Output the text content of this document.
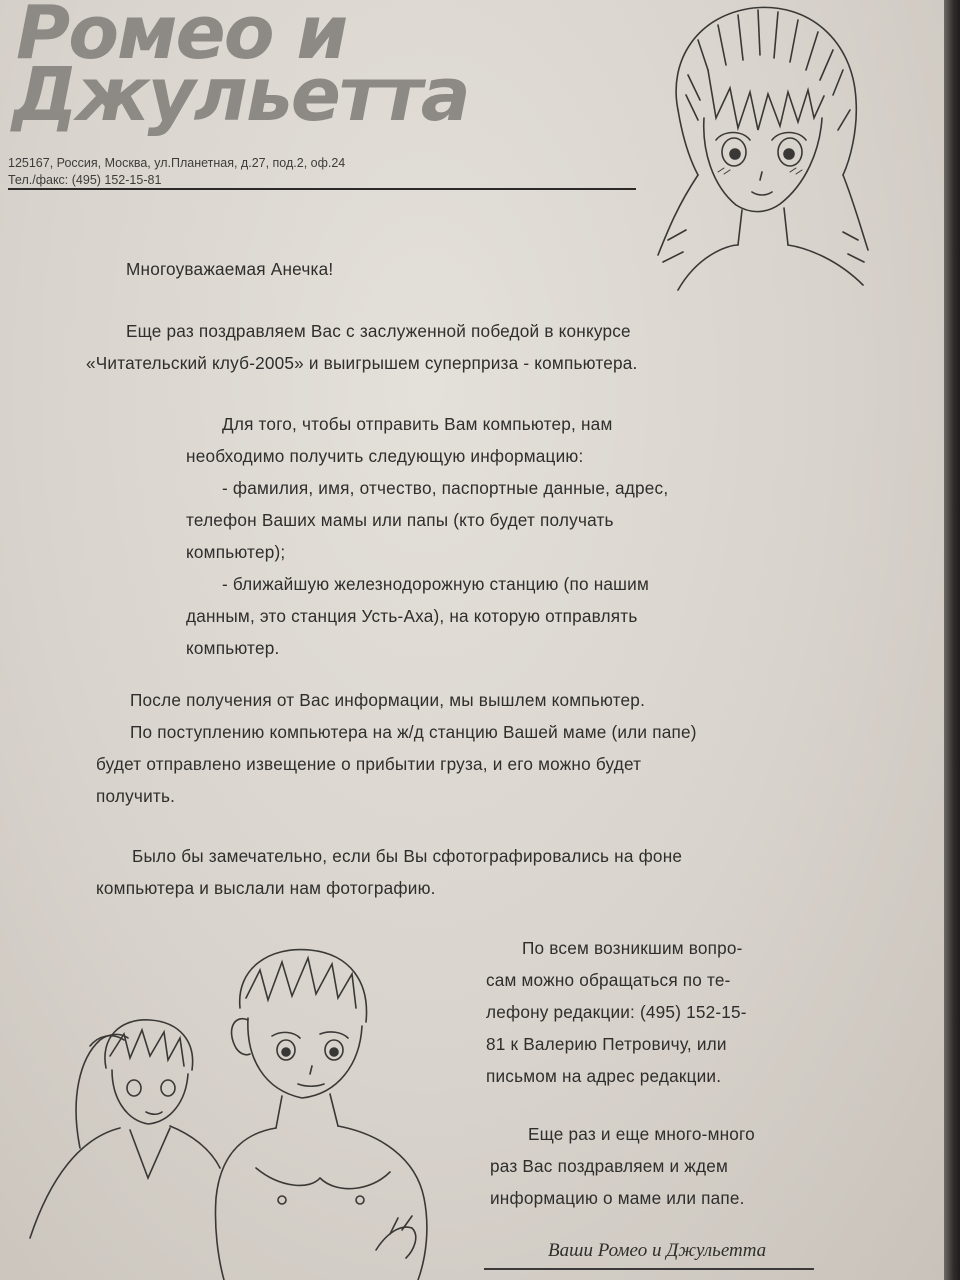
Ромео и
Джульетта
125167, Россия, Москва, ул.Планетная, д.27, под.2, оф.24
Тел./факс: (495) 152-15-81
Многоуважаемая Анечка!
Еще раз поздравляем Вас с заслуженной победой в конкурсе
«Читательский клуб-2005» и выигрышем суперприза - компьютера.
Для того, чтобы отправить Вам компьютер, нам
необходимо получить следующую информацию:
- фамилия, имя, отчество, паспортные данные, адрес,
телефон Ваших мамы или папы (кто будет получать
компьютер);
- ближайшую железнодорожную станцию (по нашим
данным, это станция Усть-Аха), на которую отправлять
компьютер.
После получения от Вас информации, мы вышлем компьютер.
По поступлению компьютера на ж/д станцию Вашей маме (или папе)
будет отправлено извещение о прибытии груза, и его можно будет
получить.
Было бы замечательно, если бы Вы сфотографировались на фоне
компьютера и выслали нам фотографию.
По всем возникшим вопро-
сам можно обращаться по те-
лефону редакции: (495) 152-15-
81 к Валерию Петровичу, или
письмом на адрес редакции.
Еще раз и еще много-много
раз Вас поздравляем и ждем
информацию о маме или папе.
Ваши Ромео и Джульетта
